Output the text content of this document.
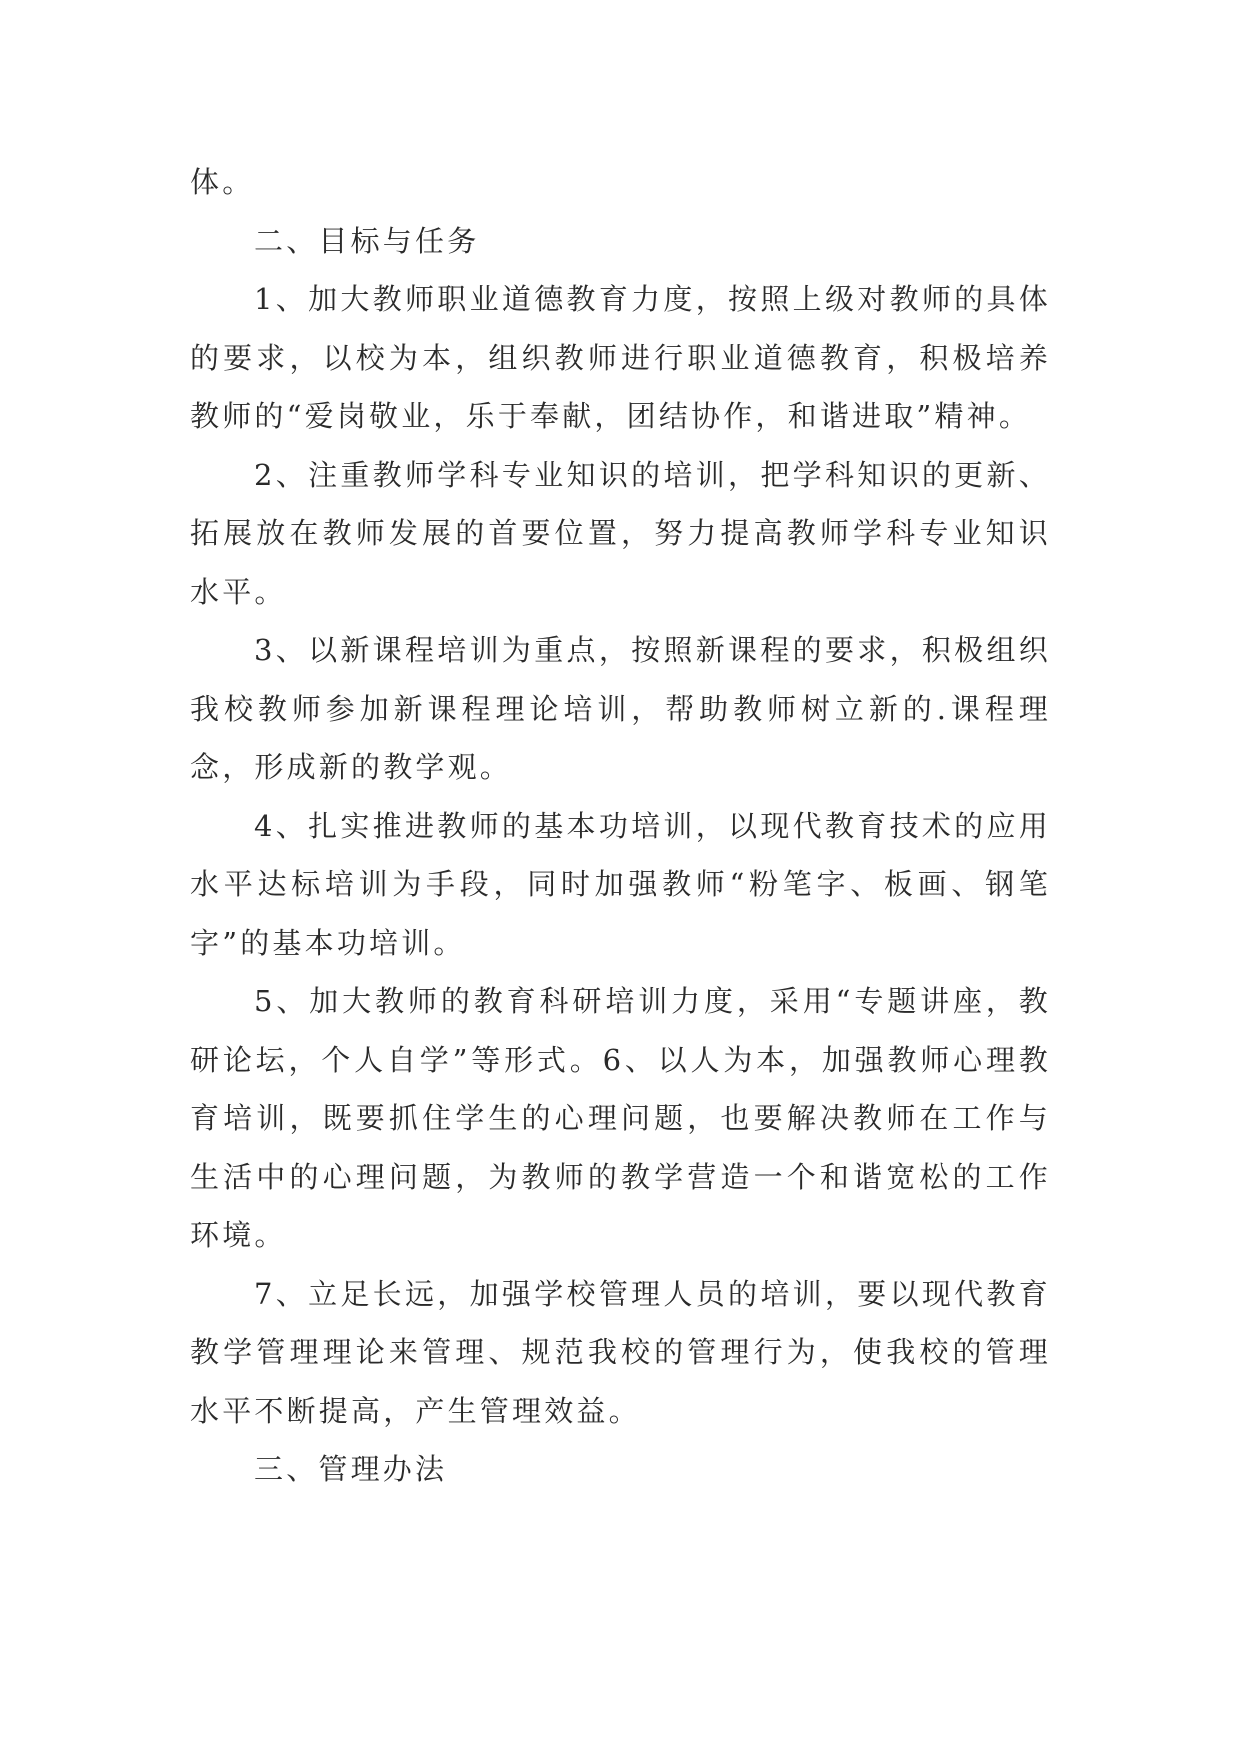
体。

二、目标与任务

1、加大教师职业道德教育力度，按照上级对教师的具体的要求，以校为本，组织教师进行职业道德教育，积极培养教师的“爱岗敬业，乐于奉献，团结协作，和谐进取”精神。

2、注重教师学科专业知识的培训，把学科知识的更新、拓展放在教师发展的首要位置，努力提高教师学科专业知识水平。

3、以新课程培训为重点，按照新课程的要求，积极组织我校教师参加新课程理论培训，帮助教师树立新的.课程理念，形成新的教学观。

4、扎实推进教师的基本功培训，以现代教育技术的应用水平达标培训为手段，同时加强教师“粉笔字、板画、钢笔字”的基本功培训。

5、加大教师的教育科研培训力度，采用“专题讲座，教研论坛，个人自学”等形式。6、以人为本，加强教师心理教育培训，既要抓住学生的心理问题，也要解决教师在工作与生活中的心理问题，为教师的教学营造一个和谐宽松的工作环境。

7、立足长远，加强学校管理人员的培训，要以现代教育教学管理理论来管理、规范我校的管理行为，使我校的管理水平不断提高，产生管理效益。

三、管理办法
